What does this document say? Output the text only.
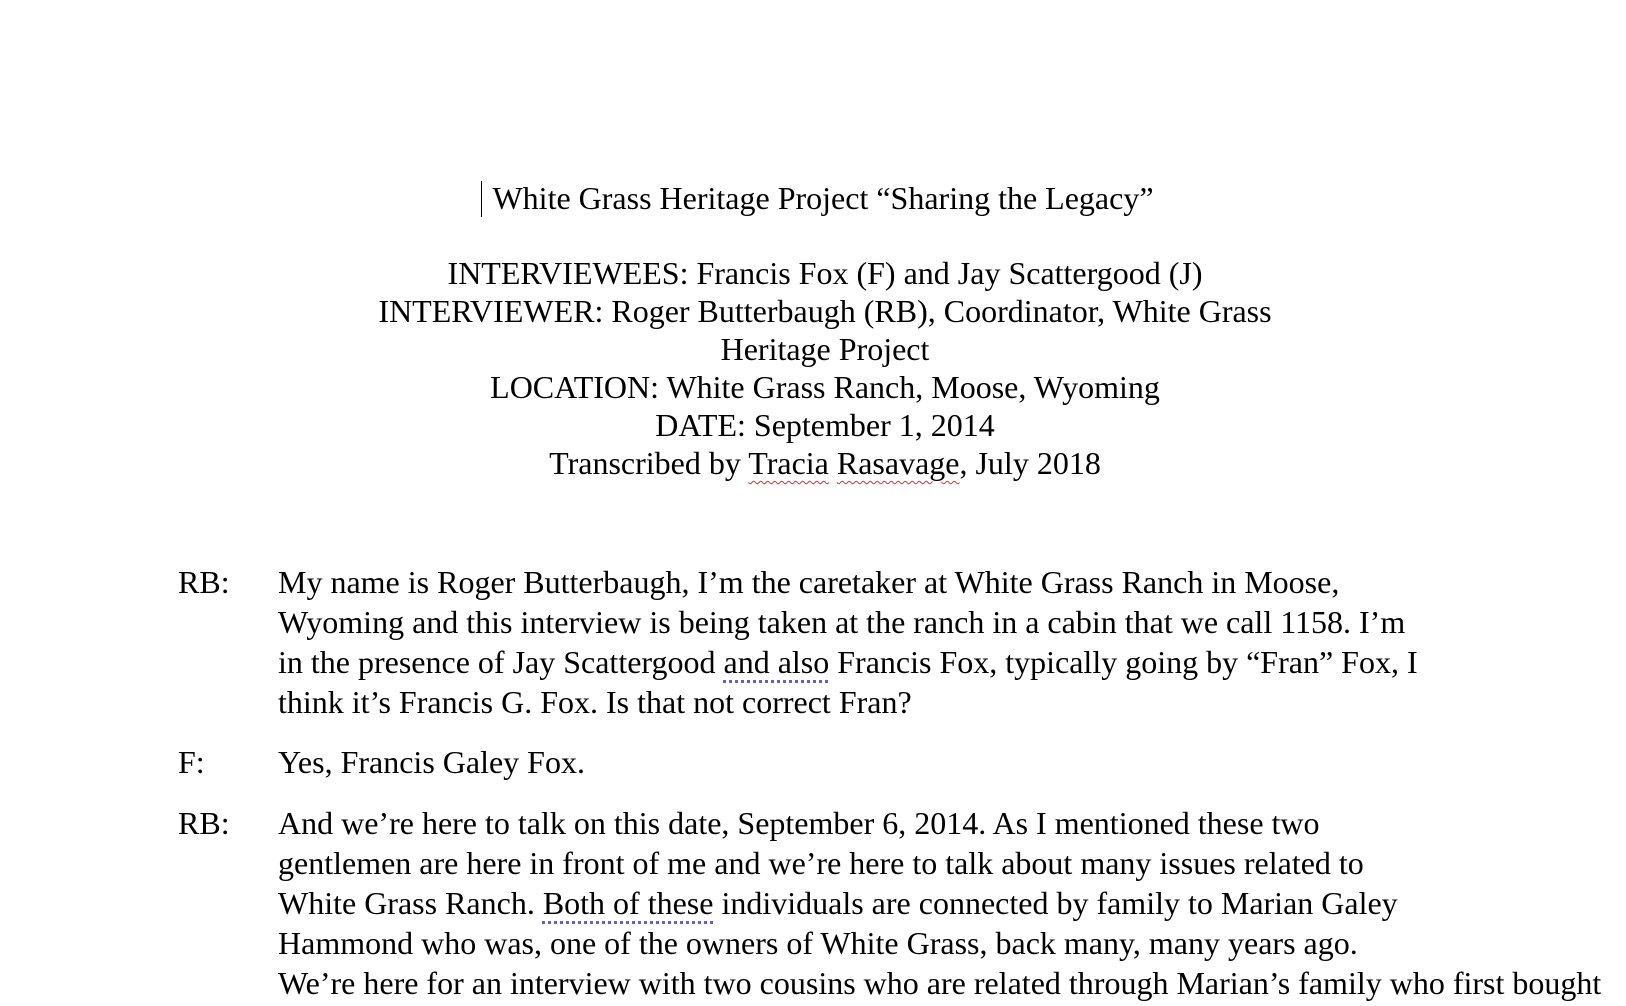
White Grass Heritage Project “Sharing the Legacy”
INTERVIEWEES: Francis Fox (F) and Jay Scattergood (J)
INTERVIEWER: Roger Butterbaugh (RB), Coordinator, White Grass
Heritage Project
LOCATION: White Grass Ranch, Moose, Wyoming
DATE: September 1, 2014
Transcribed by Tracia Rasavage, July 2018
RB:	My name is Roger Butterbaugh, I’m the caretaker at White Grass Ranch in Moose,
Wyoming and this interview is being taken at the ranch in a cabin that we call 1158. I’m
in the presence of Jay Scattergood and also Francis Fox, typically going by “Fran” Fox, I
think it’s Francis G. Fox. Is that not correct Fran?
F:	Yes, Francis Galey Fox.
RB:	And we’re here to talk on this date, September 6, 2014. As I mentioned these two
gentlemen are here in front of me and we’re here to talk about many issues related to
White Grass Ranch. Both of these individuals are connected by family to Marian Galey
Hammond who was, one of the owners of White Grass, back many, many years ago.
We’re here for an interview with two cousins who are related through Marian’s family who first bought
